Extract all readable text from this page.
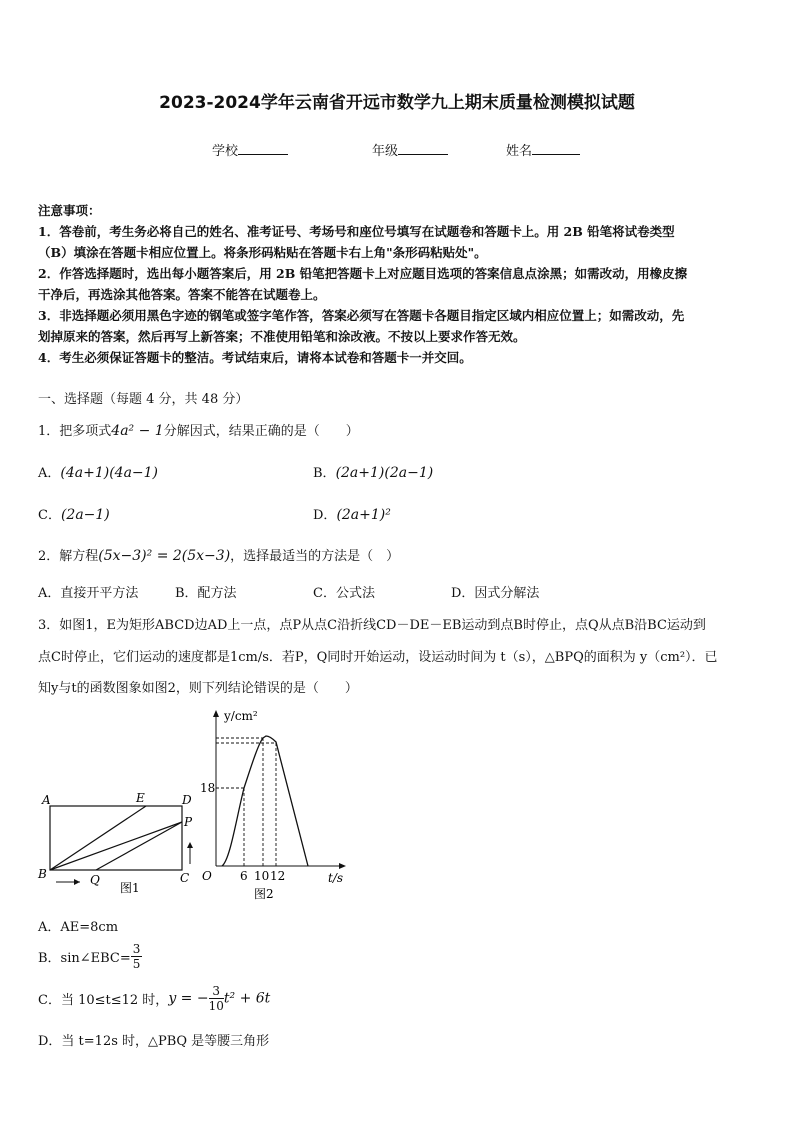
2023-2024学年云南省开远市数学九上期末质量检测模拟试题
学校	年级	姓名
注意事项：
1．答卷前，考生务必将自己的姓名、准考证号、考场号和座位号填写在试题卷和答题卡上。用 2B 铅笔将试卷类型
（B）填涂在答题卡相应位置上。将条形码粘贴在答题卡右上角"条形码粘贴处"。
2．作答选择题时，选出每小题答案后，用 2B 铅笔把答题卡上对应题目选项的答案信息点涂黑；如需改动，用橡皮擦
干净后，再选涂其他答案。答案不能答在试题卷上。
3．非选择题必须用黑色字迹的钢笔或签字笔作答，答案必须写在答题卡各题目指定区域内相应位置上；如需改动，先
划掉原来的答案，然后再写上新答案；不准使用铅笔和涂改液。不按以上要求作答无效。
4．考生必须保证答题卡的整洁。考试结束后，请将本试卷和答题卡一并交回。
一、选择题（每题 4 分，共 48 分）
1．把多项式4a² − 1分解因式，结果正确的是（　　）
A．(4a+1)(4a−1)	B．(2a+1)(2a−1)
C．(2a−1)	D．(2a+1)²
2．解方程(5x−3)² = 2(5x−3)，选择最适当的方法是（　）
A．直接开平方法	B．配方法	C．公式法	D．因式分解法
3．如图1，E为矩形ABCD边AD上一点，点P从点C沿折线CD－DE－EB运动到点B时停止，点Q从点B沿BC运动到
点C时停止，它们运动的速度都是1cm/s．若P，Q同时开始运动，设运动时间为 t（s），△BPQ的面积为 y（cm²）．已
知y与t的函数图象如图2，则下列结论错误的是（　　）
A	E	D
P
B	Q	C
图1
y/cm²
t/s
O
18
6 10 12
图2
A．AE=8cm
B．sin∠EBC= $\frac{3}{5}$
C．当 10≤t≤12 时，y = − $\frac{3}{10} t^2 + 6t$
D．当 t=12s 时，△PBQ 是等腰三角形
